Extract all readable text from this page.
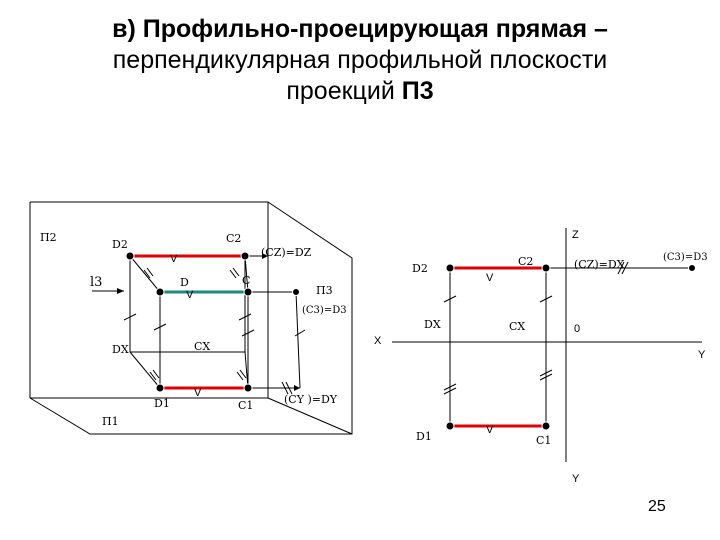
в) Профильно-проецирующая прямая –
перпендикулярная профильной плоскости
проекций П3
П2
П1
П3
l3
D2	C2
D	C
D1	C1
DX	CX
(CZ)=DZ
(C3)=D3
(CY )=DY
V
V
V
Z
X
Y
Y
0
D2
C2
DX	CX
D1	C1
(CZ)=DX
(C3)=D3
V
V
25
